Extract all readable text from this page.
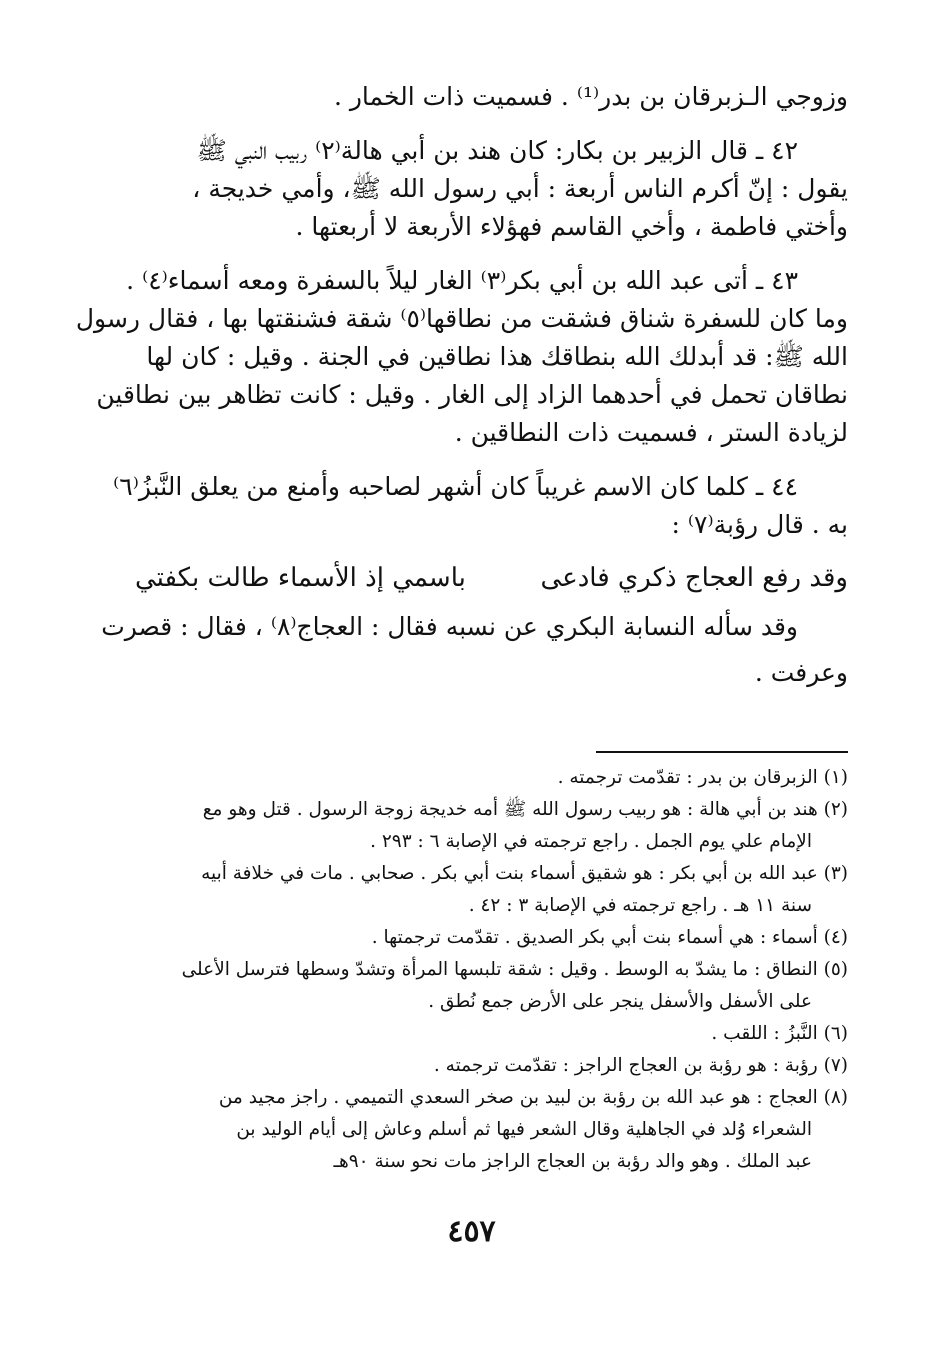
وزوجي الـزبرقان بن بدر⁽¹⁾ . فسميت ذات الخمار .
٤٢ ـ قال الزبير بن بكار: كان هند بن أبي هالة⁽٢⁾ ربيب النبي ﷺ
يقول : إنّ أكرم الناس أربعة : أبي رسول الله ﷺ، وأمي خديجة ،
وأختي فاطمة ، وأخي القاسم فهؤلاء الأربعة لا أربعتها .
٤٣ ـ أتى عبد الله بن أبي بكر⁽٣⁾ الغار ليلاً بالسفرة ومعه أسماء⁽٤⁾ .
وما كان للسفرة شناق فشقت من نطاقها⁽٥⁾ شقة فشنقتها بها ، فقال رسول
الله ﷺ: قد أبدلك الله بنطاقك هذا نطاقين في الجنة . وقيل : كان لها
نطاقان تحمل في أحدهما الزاد إلى الغار . وقيل : كانت تظاهر بين نطاقين
لزيادة الستر ، فسميت ذات النطاقين .
٤٤ ـ كلما كان الاسم غريباً كان أشهر لصاحبه وأمنع من يعلق النَّبزُ⁽٦⁾
به . قال رؤبة⁽٧⁾ :
وقد رفع العجاج ذكري فادعى
باسمي إذ الأسماء طالت بكفتي
وقد سأله النسابة البكري عن نسبه فقال : العجاج⁽٨⁾ ، فقال : قصرت
وعرفت .
(١) الزبرقان بن بدر : تقدّمت ترجمته .
(٢) هند بن أبي هالة : هو ربيب رسول الله ﷺ أمه خديجة زوجة الرسول . قتل وهو مع
الإمام علي يوم الجمل . راجع ترجمته في الإصابة ٦ : ٢٩٣ .
(٣) عبد الله بن أبي بكر : هو شقيق أسماء بنت أبي بكر . صحابي . مات في خلافة أبيه
سنة ١١ هـ . راجع ترجمته في الإصابة ٣ : ٤٢ .
(٤) أسماء : هي أسماء بنت أبي بكر الصديق . تقدّمت ترجمتها .
(٥) النطاق : ما يشدّ به الوسط . وقيل : شقة تلبسها المرأة وتشدّ وسطها فترسل الأعلى
على الأسفل والأسفل ينجر على الأرض جمع نُطق .
(٦) النَّبزُ : اللقب .
(٧) رؤبة : هو رؤبة بن العجاج الراجز : تقدّمت ترجمته .
(٨) العجاج : هو عبد الله بن رؤبة بن لبيد بن صخر السعدي التميمي . راجز مجيد من
الشعراء وُلد في الجاهلية وقال الشعر فيها ثم أسلم وعاش إلى أيام الوليد بن
عبد الملك . وهو والد رؤبة بن العجاج الراجز مات نحو سنة ٩٠هـ
٤٥٧
